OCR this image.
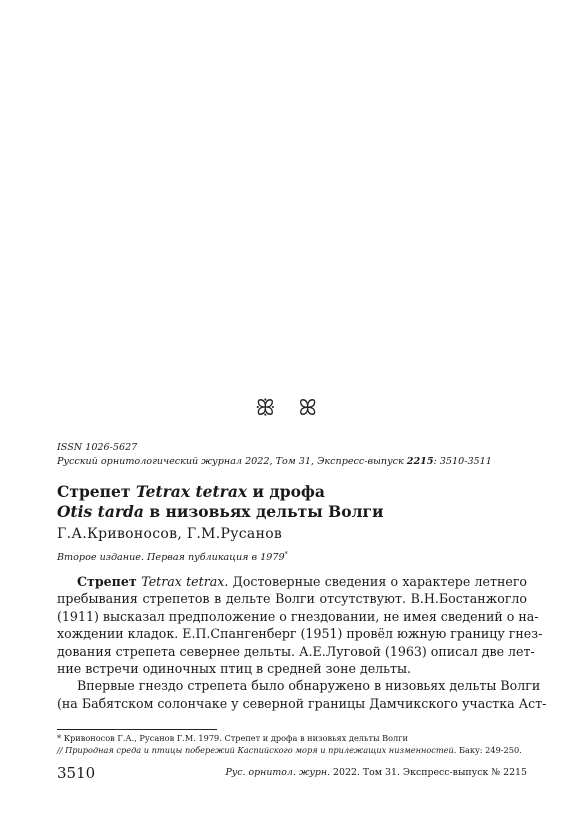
ꕥ ꕤ
ISSN 1026-5627
Русский орнитологический журнал 2022, Том 31, Экспресс-выпуск 2215: 3510-3511
Стрепет Tetrax tetrax и дрофа
Otis tarda в низовьях дельты Волги
Г.А.Кривоносов, Г.М.Русанов
Второе издание. Первая публикация в 1979*

Стрепет Tetrax tetrax. Достоверные сведения о характере летнего
пребывания стрепетов в дельте Волги отсутствуют. В.Н.Бостанжогло
(1911) высказал предположение о гнездовании, не имея сведений о на-
хождении кладок. Е.П.Спангенберг (1951) провёл южную границу гнез-
дования стрепета севернее дельты. А.Е.Луговой (1963) описал две лет-
ние встречи одиночных птиц в средней зоне дельты.

Впервые гнездо стрепета было обнаружено в низовьях дельты Волги
(на Бабятском солончаке у северной границы Дамчикского участка Аст-

* Кривоносов Г.А., Русанов Г.М. 1979. Стрепет и дрофа в низовьях дельты Волги
// Природная среда и птицы побережий Каспийского моря и прилежащих низменностей. Баку: 249-250.
3510	Рус. орнитол. журн. 2022. Том 31. Экспресс-выпуск № 2215
